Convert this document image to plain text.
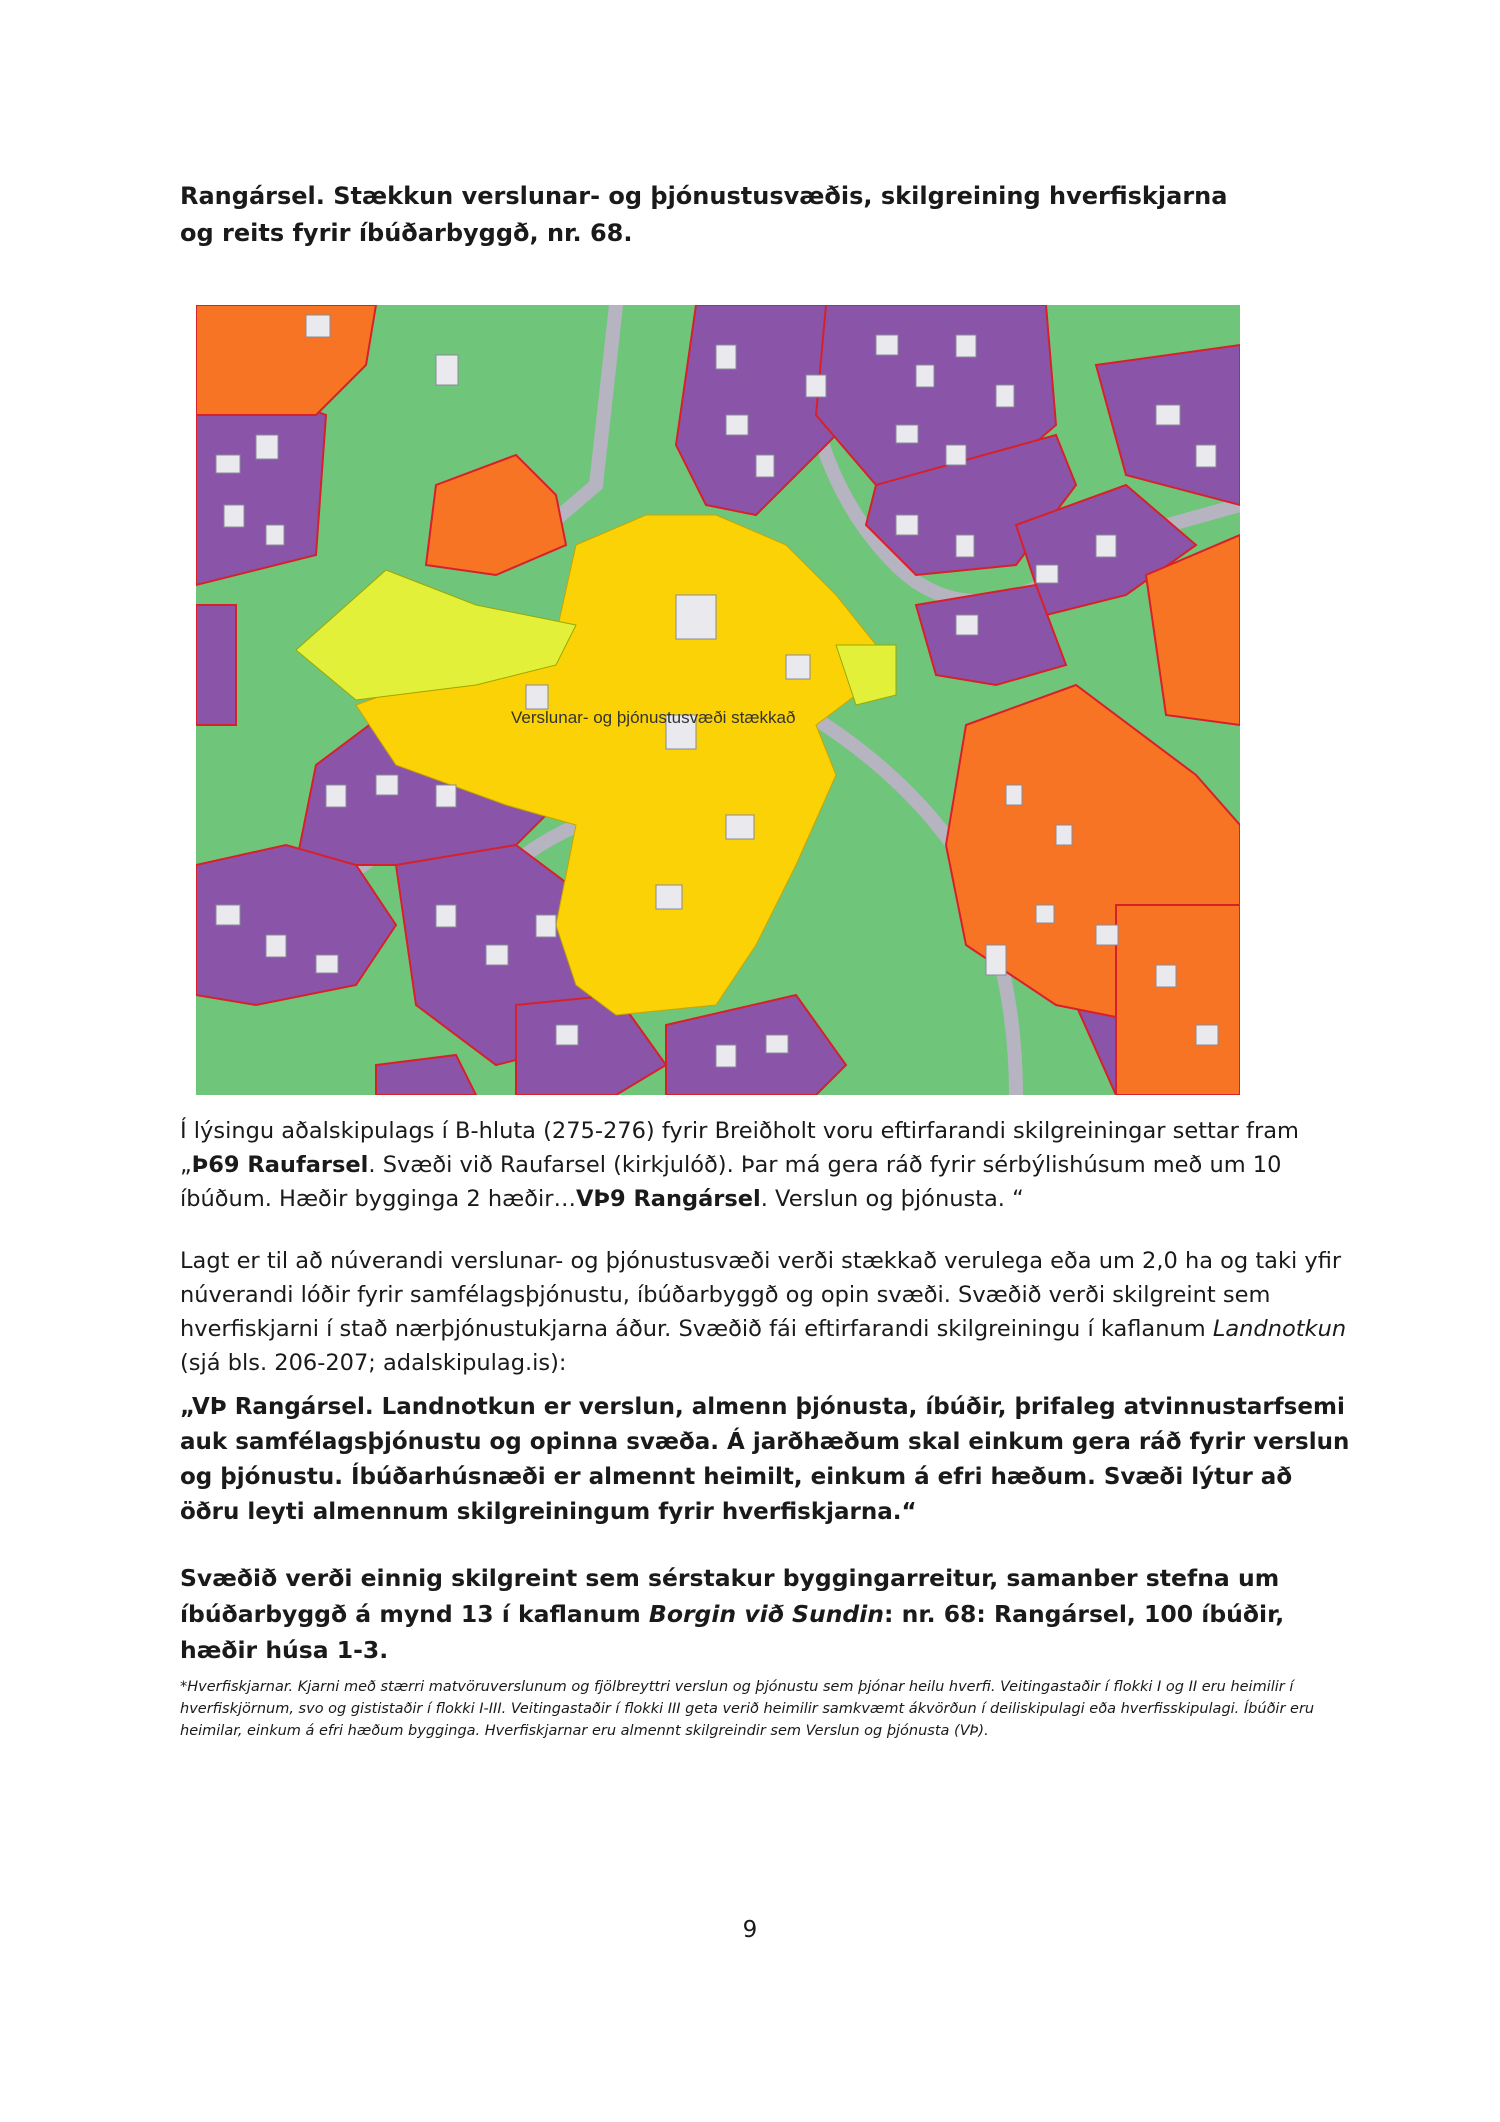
Rangársel. Stækkun verslunar- og þjónustusvæðis, skilgreining hverfiskjarna og reits fyrir íbúðarbyggð, nr. 68.
Verslunar- og þjónustusvæði stækkað

Í lýsingu aðalskipulags í B-hluta (275-276) fyrir Breiðholt voru eftirfarandi skilgreiningar settar fram „Þ69 Raufarsel. Svæði við Raufarsel (kirkjulóð). Þar má gera ráð fyrir sérbýlishúsum með um 10 íbúðum. Hæðir bygginga 2 hæðir…VÞ9 Rangársel. Verslun og þjónusta. “

Lagt er til að núverandi verslunar- og þjónustusvæði verði stækkað verulega eða um 2,0 ha og taki yfir núverandi lóðir fyrir samfélagsþjónustu, íbúðarbyggð og opin svæði. Svæðið verði skilgreint sem hverfiskjarni í stað nærþjónustukjarna áður. Svæðið fái eftirfarandi skilgreiningu í kaflanum Landnotkun (sjá bls. 206-207; adalskipulag.is):

„VÞ Rangársel. Landnotkun er verslun, almenn þjónusta, íbúðir, þrifaleg atvinnustarfsemi auk samfélagsþjónustu og opinna svæða. Á jarðhæðum skal einkum gera ráð fyrir verslun og þjónustu. Íbúðarhúsnæði er almennt heimilt, einkum á efri hæðum. Svæði lýtur að öðru leyti almennum skilgreiningum fyrir hverfiskjarna.“

Svæðið verði einnig skilgreint sem sérstakur byggingarreitur, samanber stefna um íbúðarbyggð á mynd 13 í kaflanum Borgin við Sundin: nr. 68: Rangársel, 100 íbúðir, hæðir húsa 1-3.

*Hverfiskjarnar. Kjarni með stærri matvöruverslunum og fjölbreyttri verslun og þjónustu sem þjónar heilu hverfi. Veitingastaðir í flokki I og II eru heimilir í hverfiskjörnum, svo og gististaðir í flokki I-III. Veitingastaðir í flokki III geta verið heimilir samkvæmt ákvörðun í deiliskipulagi eða hverfisskipulagi. Íbúðir eru heimilar, einkum á efri hæðum bygginga. Hverfiskjarnar eru almennt skilgreindir sem Verslun og þjónusta (VÞ).

9
